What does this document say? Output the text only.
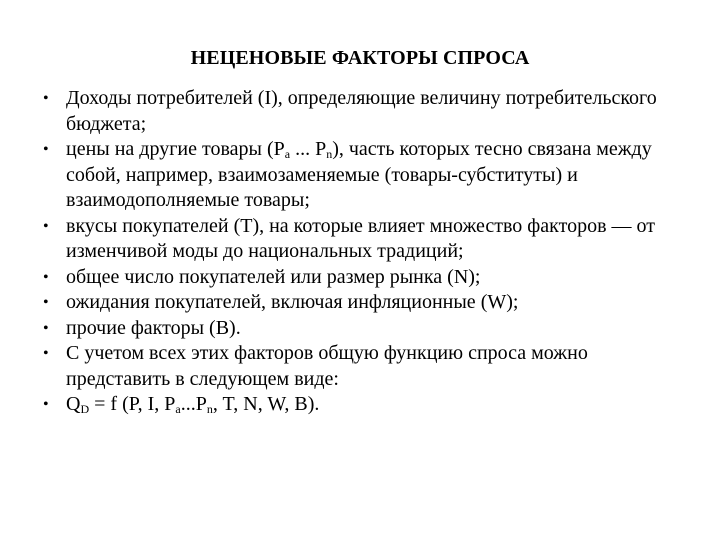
НЕЦЕНОВЫЕ ФАКТОРЫ СПРОСА
• Доходы потребителей (I), определяющие величину потребительского бюджета;
• цены на другие товары ($P_a$ ... $P_n$), часть которых тесно связана между собой, например, взаимозаменяемые (товары-субституты) и взаимодополняемые товары;
• вкусы покупателей (T), на которые влияет множество факторов — от изменчивой моды до национальных традиций;
• общее число покупателей или размер рынка (N);
• ожидания покупателей, включая инфляционные (W);
• прочие факторы (B).
• С учетом всех этих факторов общую функцию спроса можно представить в следующем виде:
• $Q_D = f$ (P, I, $P_a...P_n$, T, N, W, B).
